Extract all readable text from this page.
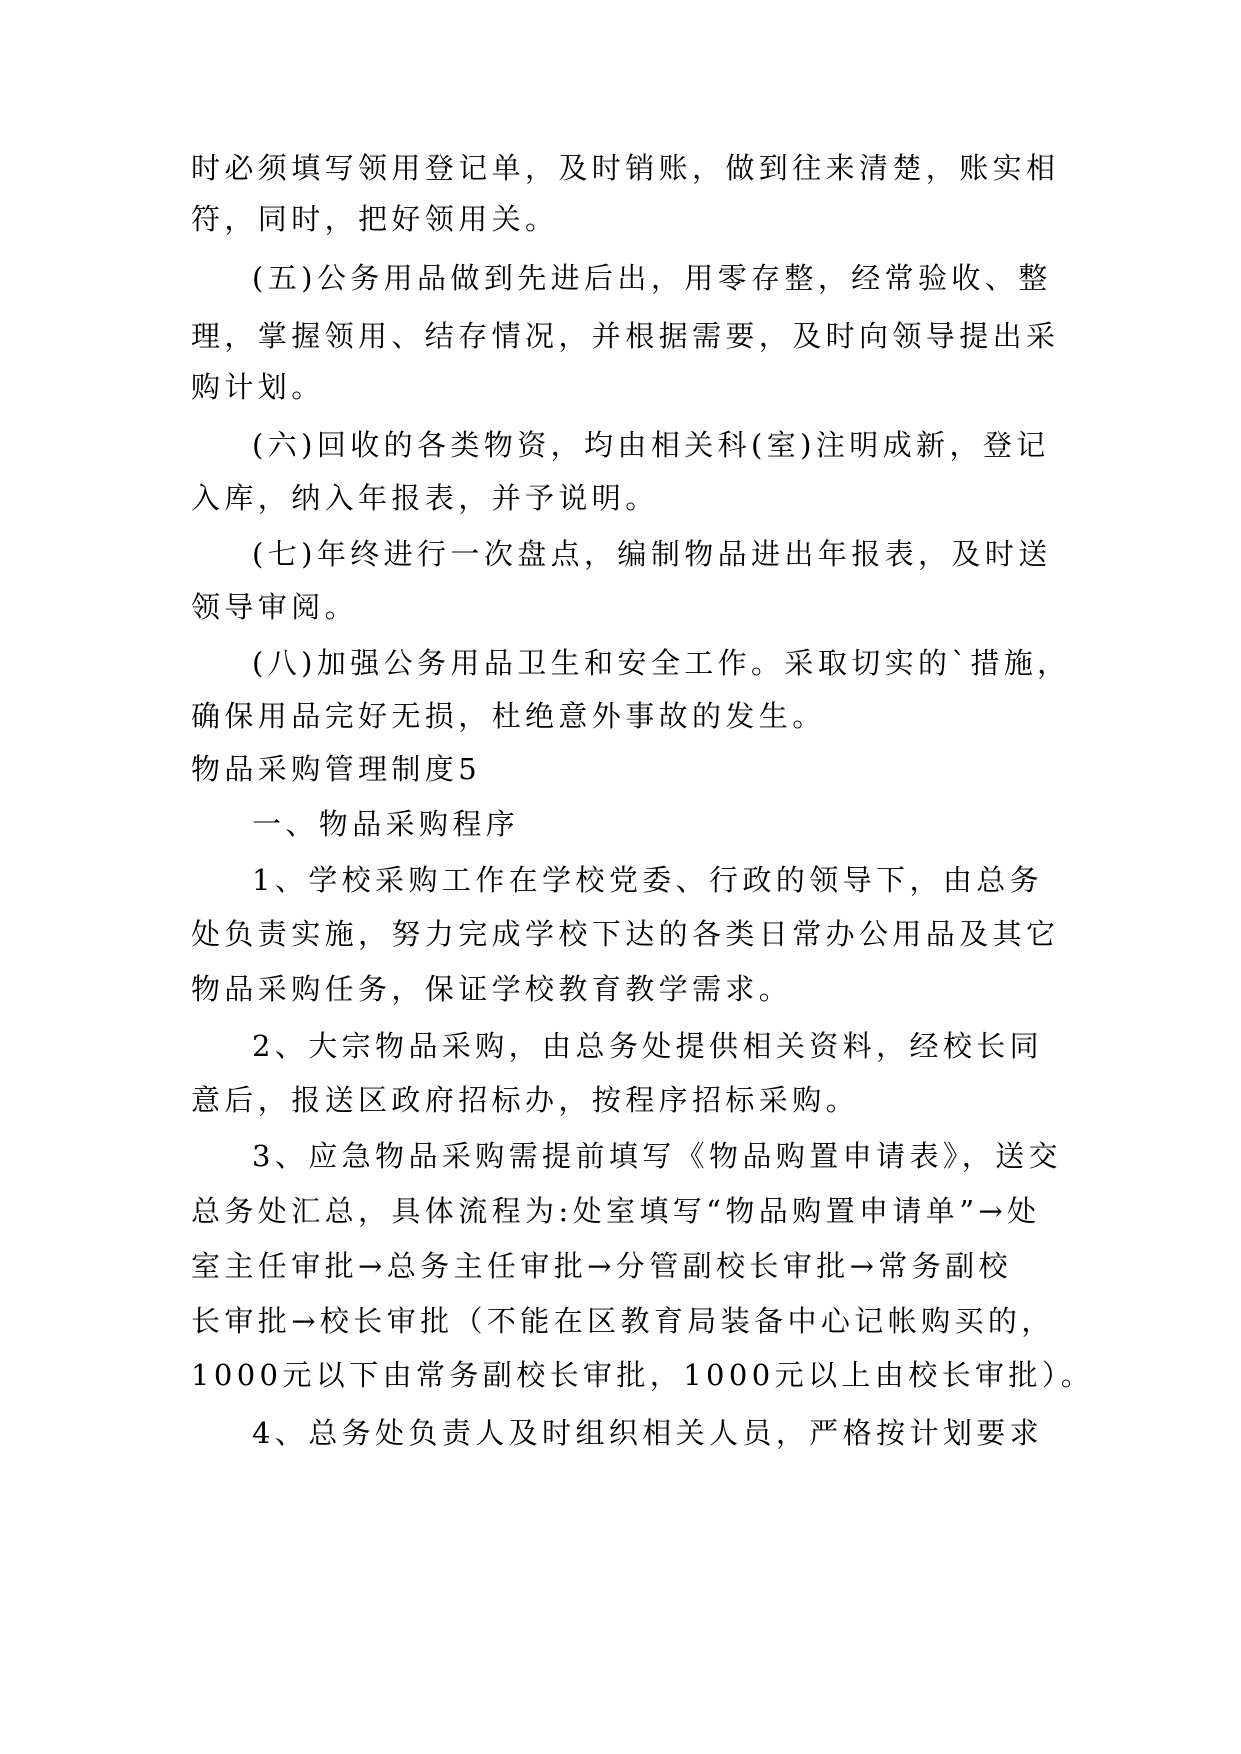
时必须填写领用登记单，及时销账，做到往来清楚，账实相
符，同时，把好领用关。
(五)公务用品做到先进后出，用零存整，经常验收、整
理，掌握领用、结存情况，并根据需要，及时向领导提出采
购计划。
(六)回收的各类物资，均由相关科(室)注明成新，登记
入库，纳入年报表，并予说明。
(七)年终进行一次盘点，编制物品进出年报表，及时送
领导审阅。
(八)加强公务用品卫生和安全工作。采取切实的`措施，
确保用品完好无损，杜绝意外事故的发生。
物品采购管理制度5
一、物品采购程序
1、学校采购工作在学校党委、行政的领导下，由总务
处负责实施，努力完成学校下达的各类日常办公用品及其它
物品采购任务，保证学校教育教学需求。
2、大宗物品采购，由总务处提供相关资料，经校长同
意后，报送区政府招标办，按程序招标采购。
3、应急物品采购需提前填写《物品购置申请表》，送交
总务处汇总，具体流程为:处室填写“物品购置申请单”→处
室主任审批→总务主任审批→分管副校长审批→常务副校
长审批→校长审批（不能在区教育局装备中心记帐购买的，
1000元以下由常务副校长审批，1000元以上由校长审批）。
4、总务处负责人及时组织相关人员，严格按计划要求
